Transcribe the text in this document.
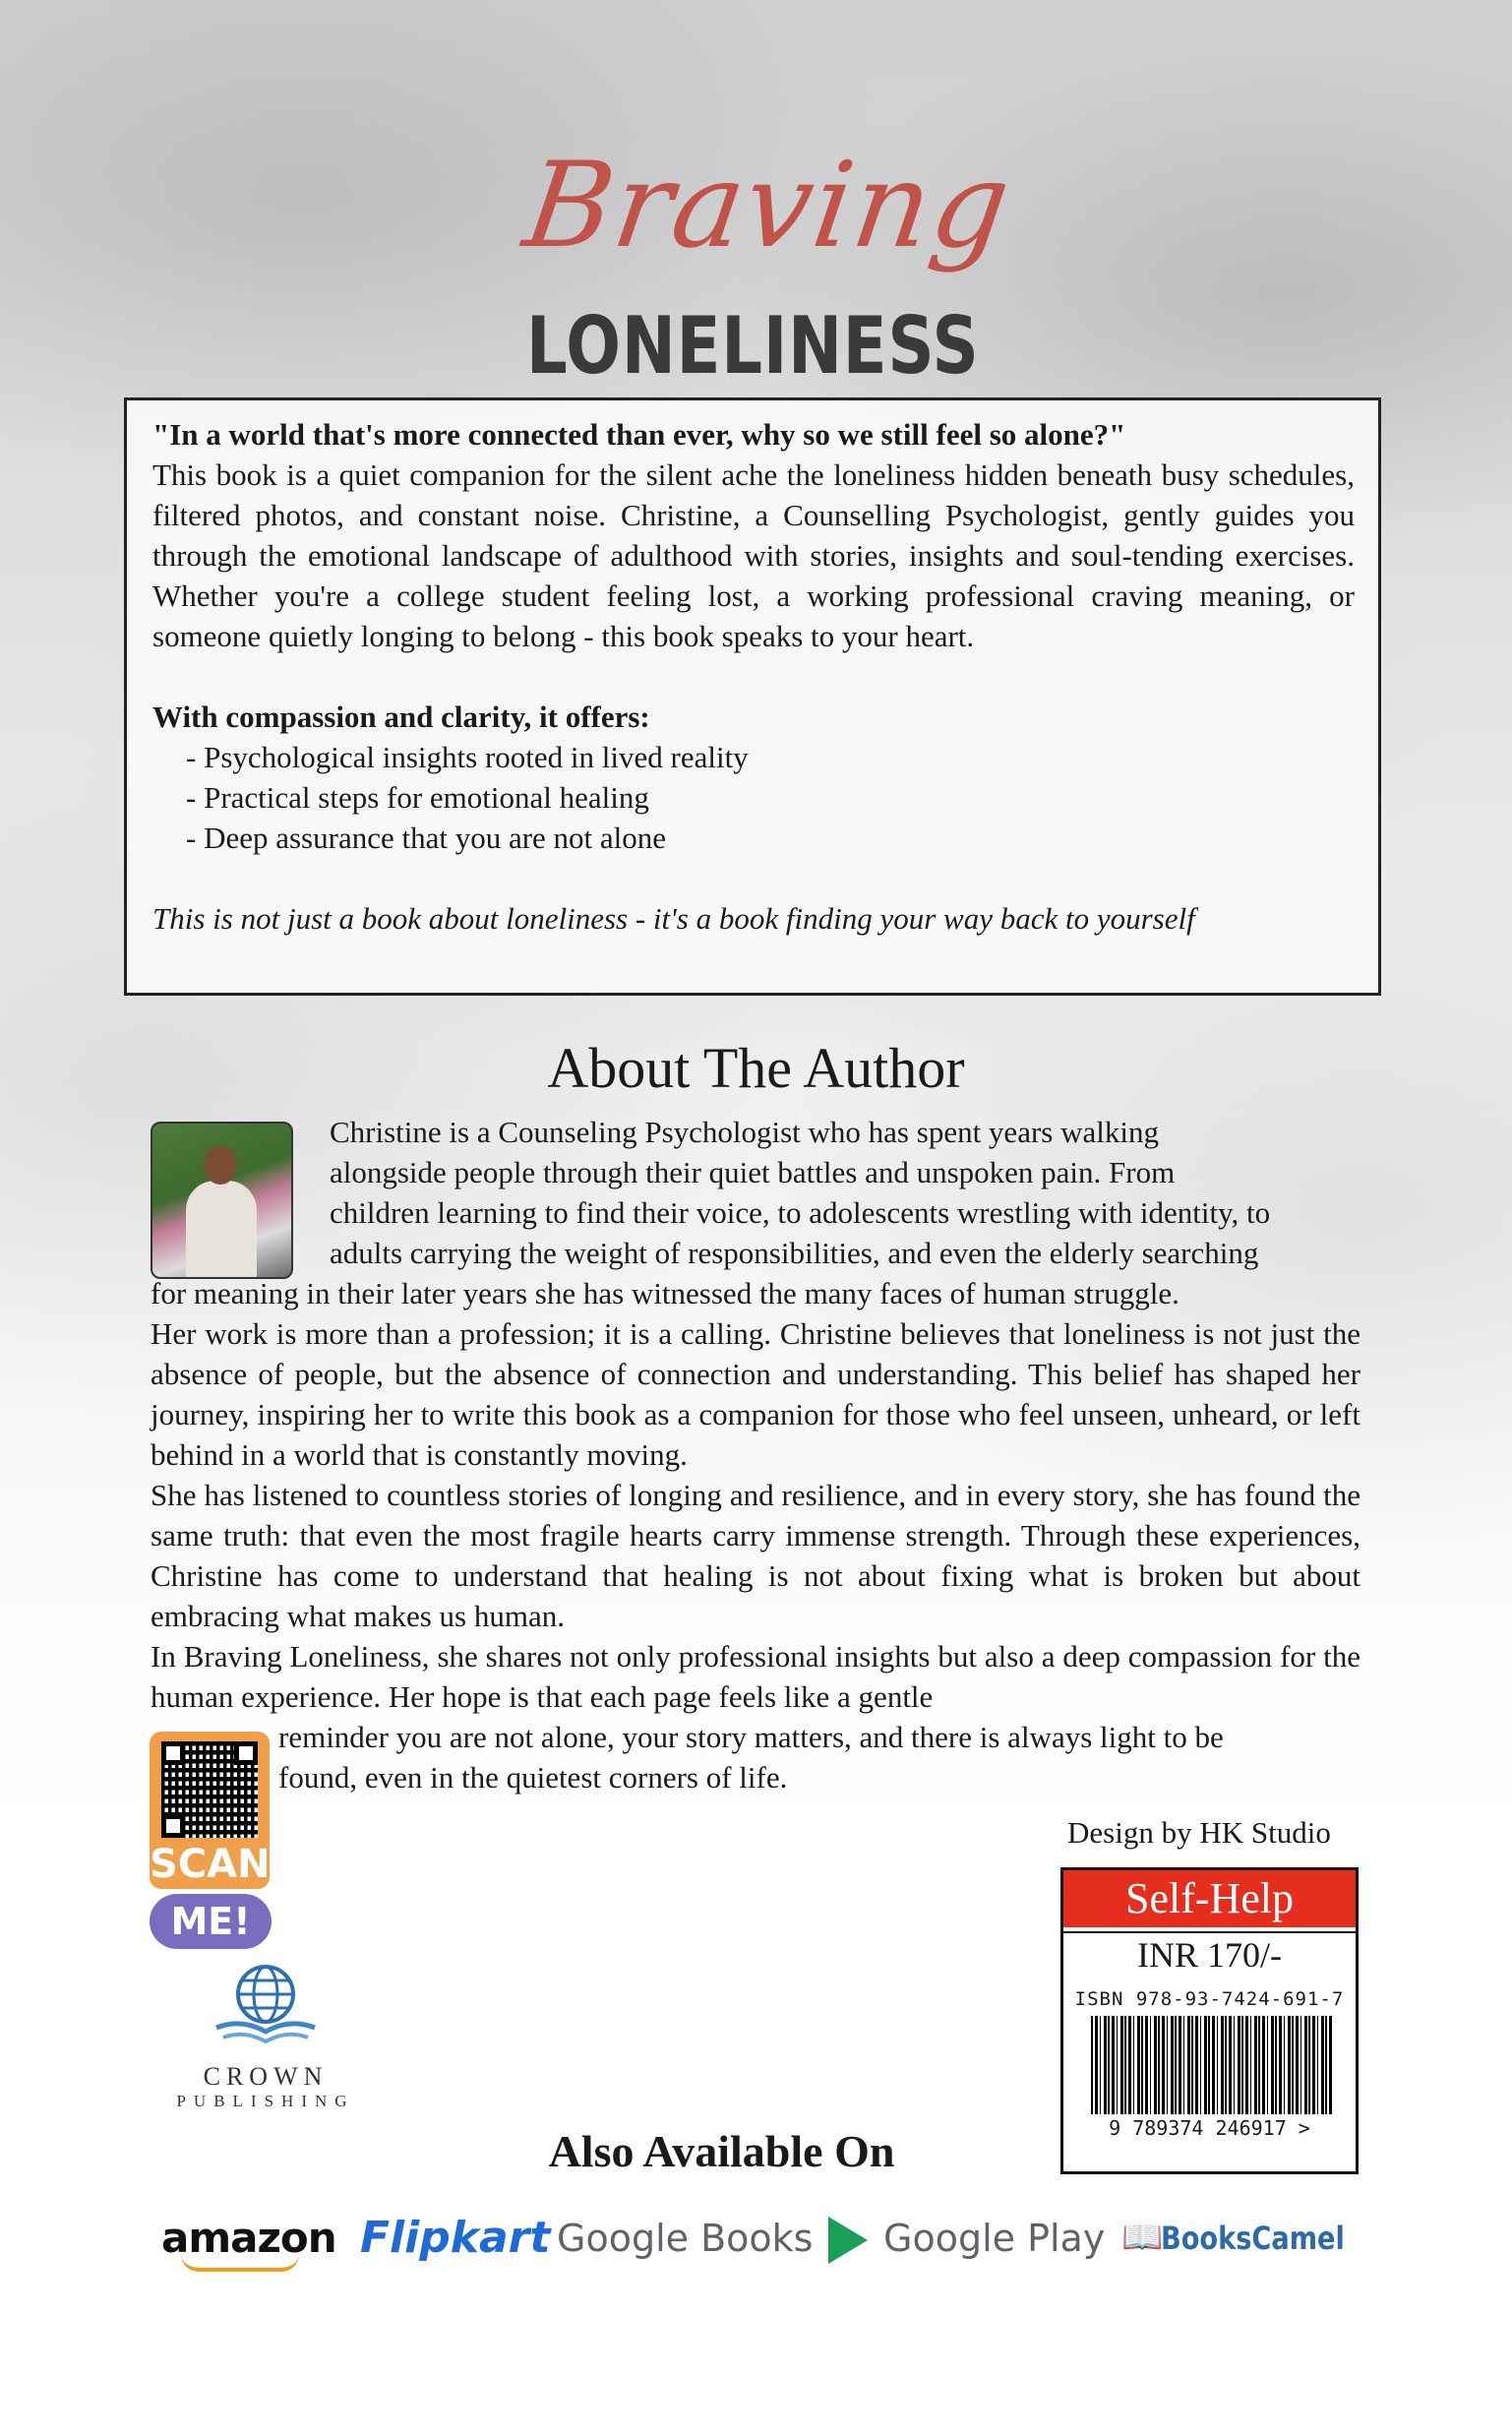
Braving
LONELINESS
"In a world that's more connected than ever, why so we still feel so alone?"
This book is a quiet companion for the silent ache the loneliness hidden beneath busy schedules, filtered photos, and constant noise. Christine, a Counselling Psychologist, gently guides you through the emotional landscape of adulthood with stories, insights and soul-tending exercises. Whether you're a college student feeling lost, a working professional craving meaning, or someone quietly longing to belong - this book speaks to your heart.
With compassion and clarity, it offers:
- Psychological insights rooted in lived reality
- Practical steps for emotional healing
- Deep assurance that you are not alone
This is not just a book about loneliness - it's a book finding your way back to yourself
About The Author
Christine is a Counseling Psychologist who has spent years walking
alongside people through their quiet battles and unspoken pain. From
children learning to find their voice, to adolescents wrestling with identity, to
adults carrying the weight of responsibilities, and even the elderly searching
for meaning in their later years she has witnessed the many faces of human struggle.
Her work is more than a profession; it is a calling. Christine believes that loneliness is not just the absence of people, but the absence of connection and understanding. This belief has shaped her journey, inspiring her to write this book as a companion for those who feel unseen, unheard, or left behind in a world that is constantly moving.
She has listened to countless stories of longing and resilience, and in every story, she has found the same truth: that even the most fragile hearts carry immense strength. Through these experiences, Christine has come to understand that healing is not about fixing what is broken but about embracing what makes us human.
In Braving Loneliness, she shares not only professional insights but also a deep compassion for the human experience. Her hope is that each page feels like a gentle
reminder you are not alone, your story matters, and there is always light to be
found, even in the quietest corners of life.
SCAN
ME!
CROWN
PUBLISHING
Design by HK Studio
Self-Help
INR 170/-
ISBN 978-93-7424-691-7
9 789374 246917 >
Also Available On
amazon Flipkart Google Books Google Play 📖
BooksCamel
